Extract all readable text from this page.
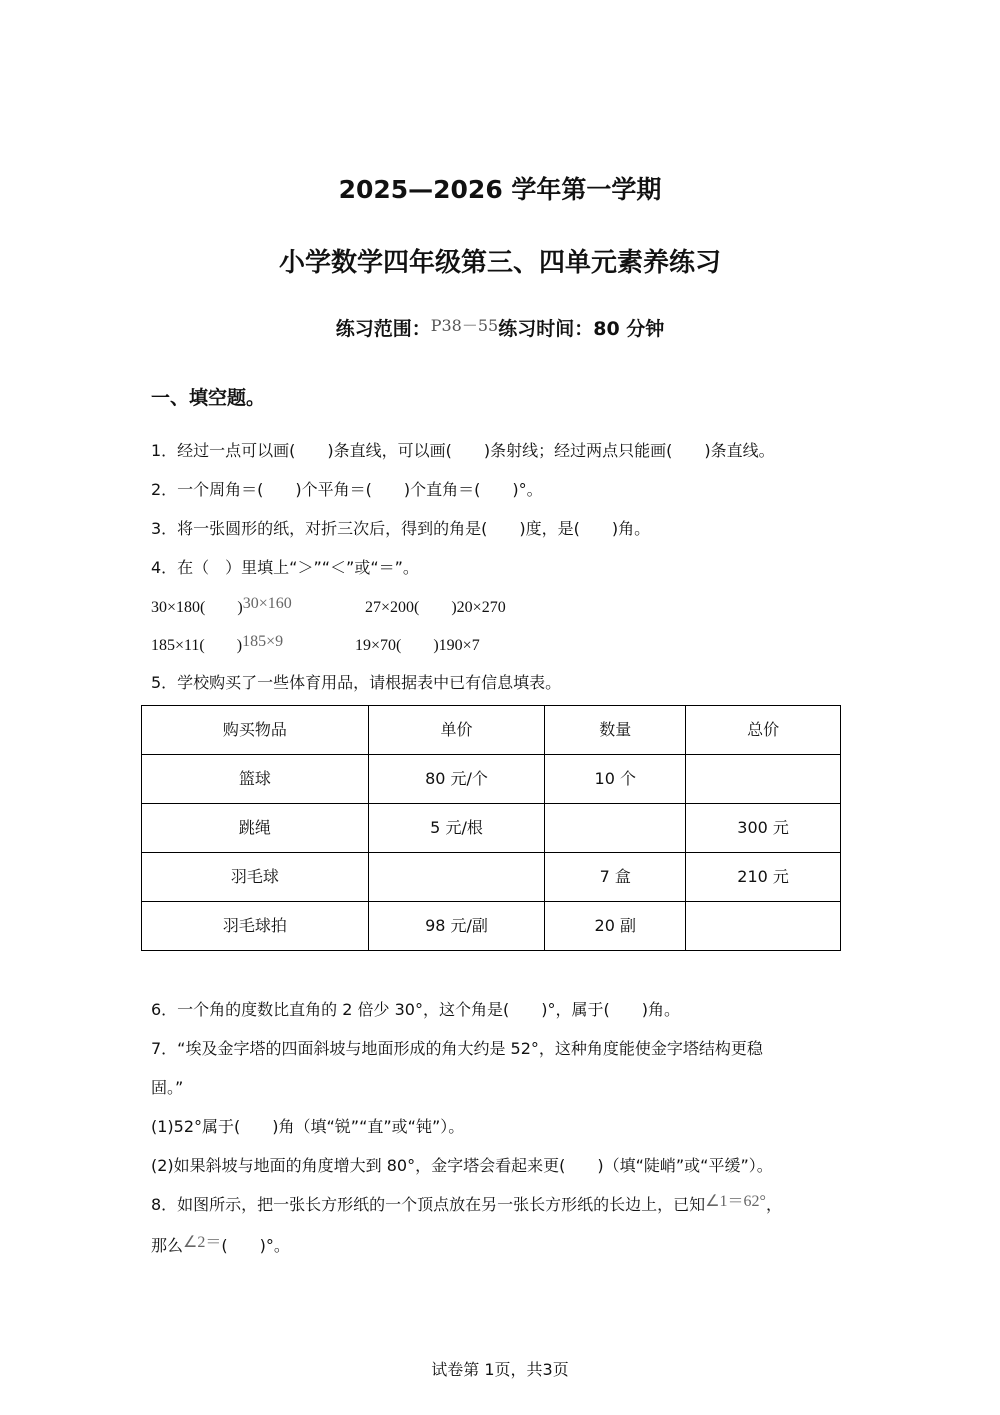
2025—2026 学年第一学期
小学数学四年级第三、四单元素养练习
练习范围：$^{P38-55}$练习时间：80 分钟
一、填空题。
1．经过一点可以画(　　)条直线，可以画(　　)条射线；经过两点只能画(　　)条直线。
2．一个周角＝(　　)个平角＝(　　)个直角＝(　　)°。
3．将一张圆形的纸，对折三次后，得到的角是(　　)度，是(　　)角。
4．在（　）里填上“＞”“＜”或“＝”。
30×180(　　)30×160	27×200(　　)20×270
185×11(　　)185×9	19×70(　　)190×7
5．学校购买了一些体育用品，请根据表中已有信息填表。
购买物品	单价	数量	总价
篮球	80 元/个	10 个	
跳绳	5 元/根		300 元
羽毛球		7 盒	210 元
羽毛球拍	98 元/副	20 副	
6．一个角的度数比直角的 2 倍少 30°，这个角是(　　)°，属于(　　)角。
7．“埃及金字塔的四面斜坡与地面形成的角大约是 52°，这种角度能使金字塔结构更稳
固。”
(1)52°属于(　　)角（填“锐”“直”或“钝”）。
(2)如果斜坡与地面的角度增大到 80°，金字塔会看起来更(　　)（填“陡峭”或“平缓”）。
8．如图所示，把一张长方形纸的一个顶点放在另一张长方形纸的长边上，已知∠1＝62°，
那么∠2＝(　　)°。
试卷第 1页，共3页
